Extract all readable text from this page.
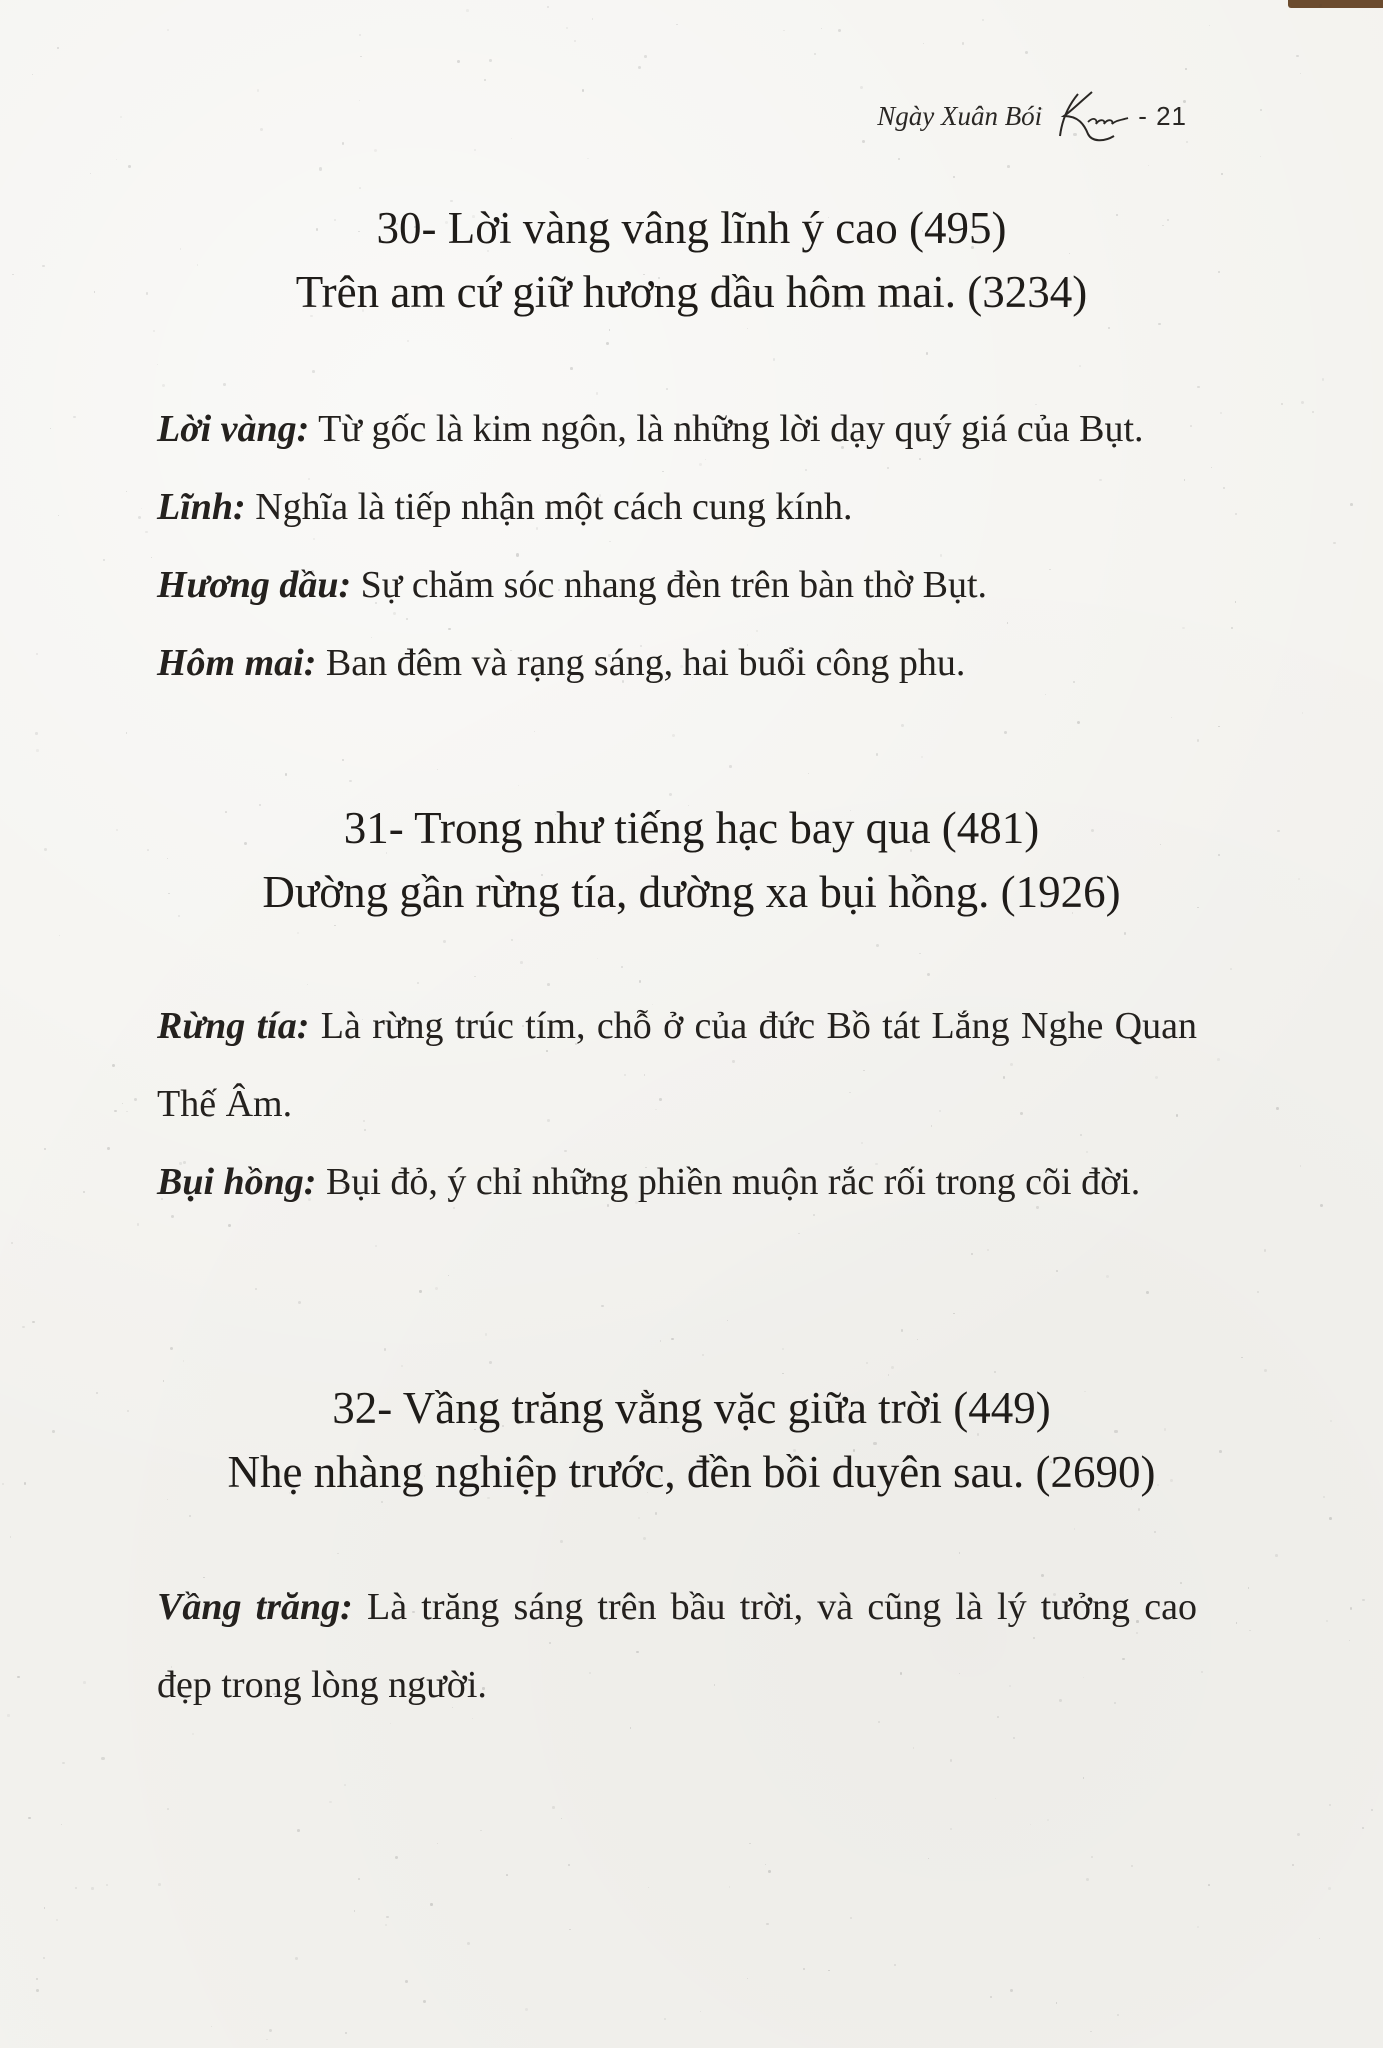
Ngày Xuân Bói	- 21
30- Lời vàng vâng lĩnh ý cao (495)
Trên am cứ giữ hương dầu hôm mai. (3234)
Lời vàng: Từ gốc là kim ngôn, là những lời dạy quý giá của Bụt.
Lĩnh: Nghĩa là tiếp nhận một cách cung kính.
Hương dầu: Sự chăm sóc nhang đèn trên bàn thờ Bụt.
Hôm mai: Ban đêm và rạng sáng, hai buổi công phu.
31- Trong như tiếng hạc bay qua (481)
Dường gần rừng tía, dường xa bụi hồng. (1926)
Rừng tía: Là rừng trúc tím, chỗ ở của đức Bồ tát Lắng Nghe Quan Thế Âm.
Bụi hồng: Bụi đỏ, ý chỉ những phiền muộn rắc rối trong cõi đời.
32- Vầng trăng vằng vặc giữa trời (449)
Nhẹ nhàng nghiệp trước, đền bồi duyên sau. (2690)
Vầng trăng: Là trăng sáng trên bầu trời, và cũng là lý tưởng cao đẹp trong lòng người.
